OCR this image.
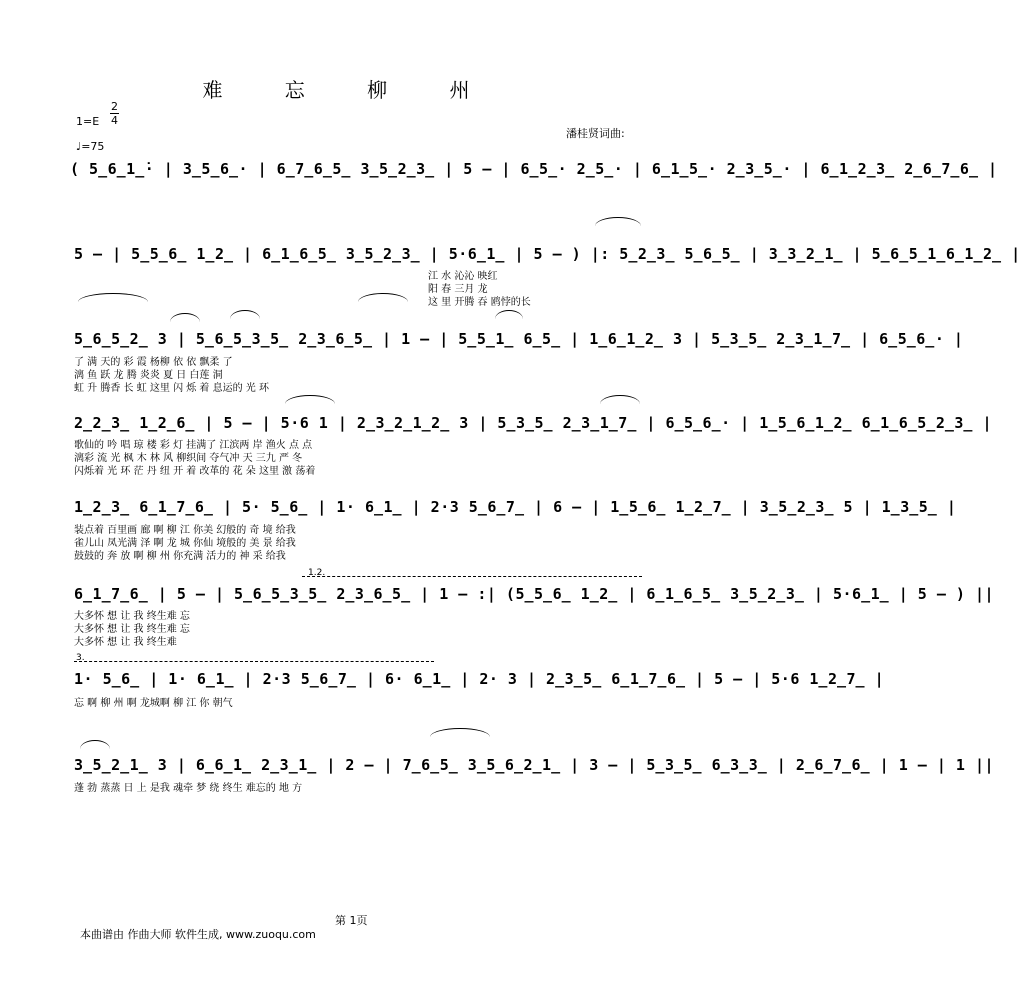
难 忘 柳 州
1=E
2
4
♩=75
潘桂贤词曲:
( 5̲6̲1̲̇· | 3̲5̲6̲· | 6̲7̲6̲5̲ 3̲5̲2̲3̲ | 5 – | 6̲5̲· 2̲5̲· | 6̲1̲5̲· 2̲3̲5̲· | 6̲1̲2̲3̲ 2̲6̲7̲6̲ |
5 – | 5̲5̲6̲ 1̲2̲ | 6̲1̲6̲5̲ 3̲5̲2̲3̲ | 5·6̲1̲ | 5 – ) |: 5̲2̲3̲ 5̲6̲5̲ | 3̲3̲2̲1̲ | 5̲6̲5̲1̲6̲1̲2̲ |
江 水 沁沁 映红
阳 春 三月 龙
这 里 开腾 吞 鸥悖的长
5̲6̲5̲2̲ 3 | 5̲6̲5̲3̲5̲ 2̲3̲6̲5̲ | 1 – | 5̲5̲1̲ 6̲5̲ | 1̲6̲1̲2̲ 3 | 5̲3̲5̲ 2̲3̲1̲7̲ | 6̲5̲6̲· |
了 满 天的 彩 霞 杨柳 依 依 飘柔 了
漓 鱼 跃 龙 腾 炎炎 夏 日 白莲 洞
虹 升 腾香 长 虹 这里 闪 烁 着 息运的 光 环
2̲2̲3̲ 1̲2̲6̲ | 5 – | 5·6 1 | 2̲3̲2̲1̲2̲ 3 | 5̲3̲5̲ 2̲3̲1̲7̲ | 6̲5̲6̲· | 1̲5̲6̲1̲2̲ 6̲1̲6̲5̲2̲3̲ |
歌仙的 吟 唱 琼 楼 彩 灯 挂满了 江滨两 岸 渔火 点 点
漓彩 流 光 枫 木 林 风 柳织间 夺气冲 天 三九 严 冬
闪烁着 光 环 茫 丹 纽 开 着 改革的 花 朵 这里 激 荡着
1̲2̲3̲ 6̲1̲7̲6̲ | 5· 5̲6̲ | 1· 6̲1̲ | 2·3 5̲6̲7̲ | 6 – | 1̲5̲6̲ 1̲2̲7̲ | 3̲5̲2̲3̲ 5 | 1̲3̲5̲ |
装点着 百里画 廊 啊 柳 江 你美 幻般的 奇 境 给我
雀儿山 凤光满 泽 啊 龙 城 你仙 境般的 美 景 给我
鼓鼓的 奔 放 啊 柳 州 你充满 活力的 神 采 给我
1.2.
6̲1̲7̲6̲ | 5 – | 5̲6̲5̲3̲5̲ 2̲3̲6̲5̲ | 1 – :| (5̲5̲6̲ 1̲2̲ | 6̲1̲6̲5̲ 3̲5̲2̲3̲ | 5·6̲1̲ | 5 – ) ||
大多怀 想 让 我 终生难 忘
大多怀 想 让 我 终生难 忘
大多怀 想 让 我 终生难
3.
1· 5̲6̲ | 1· 6̲1̲ | 2·3 5̲6̲7̲ | 6· 6̲1̲ | 2· 3 | 2̲3̲5̲ 6̲1̲7̲6̲ | 5 – | 5·6 1̲2̲7̲ |
忘 啊 柳 州 啊 龙城啊 柳 江 你 朝气
3̲5̲2̲1̲ 3 | 6̲6̲1̲ 2̲3̲1̲ | 2 – | 7̲6̲5̲ 3̲5̲6̲2̲1̲ | 3 – | 5̲3̲5̲ 6̲3̲3̲ | 2̲6̲7̲6̲ | 1 – | 1 ||
蓬 勃 蒸蒸 日 上 是我 魂牵 梦 绕 终生 难忘的 地 方
第 1页
本曲谱由 作曲大师 软件生成, www.zuoqu.com
